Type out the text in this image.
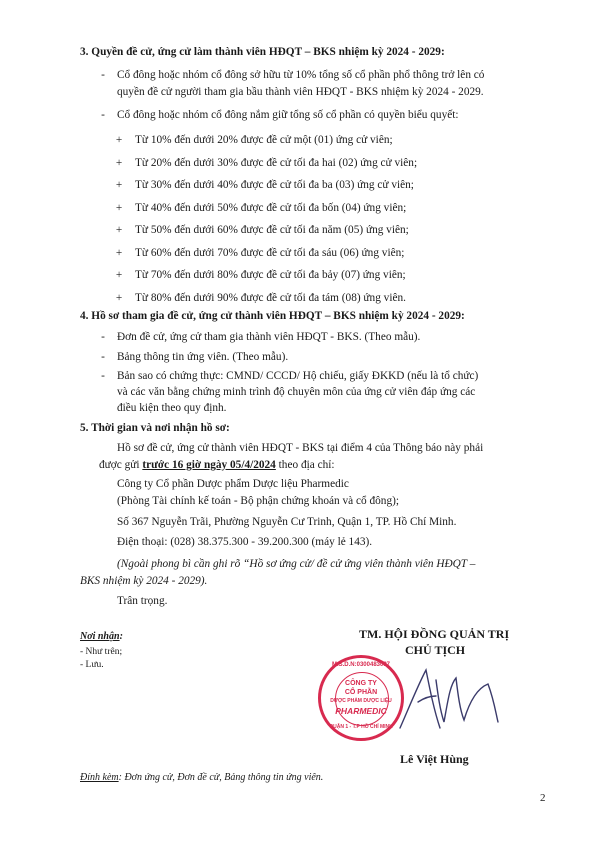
3. Quyền đề cử, ứng cử làm thành viên HĐQT – BKS nhiệm kỳ 2024 - 2029:
- Cổ đông hoặc nhóm cổ đông sở hữu từ 10% tổng số cổ phần phổ thông trở lên có
quyền đề cử người tham gia bầu thành viên HĐQT - BKS nhiệm kỳ 2024 - 2029.
- Cổ đông hoặc nhóm cổ đông nắm giữ tổng số cổ phần có quyền biểu quyết:
+ Từ 10% đến dưới 20% được đề cử một (01) ứng cử viên;
+ Từ 20% đến dưới 30% được đề cử tối đa hai (02) ứng cử viên;
+ Từ 30% đến dưới 40% được đề cử tối đa ba (03) ứng cử viên;
+ Từ 40% đến dưới 50% được đề cử tối đa bốn (04) ứng viên;
+ Từ 50% đến dưới 60% được đề cử tối đa năm (05) ứng viên;
+ Từ 60% đến dưới 70% được đề cử tối đa sáu (06) ứng viên;
+ Từ 70% đến dưới 80% được đề cử tối đa bảy (07) ứng viên;
+ Từ 80% đến dưới 90% được đề cử tối đa tám (08) ứng viên.
4. Hồ sơ tham gia đề cử, ứng cử thành viên HĐQT – BKS nhiệm kỳ 2024 - 2029:
- Đơn đề cử, ứng cử tham gia thành viên HĐQT - BKS. (Theo mẫu).
- Bảng thông tin ứng viên. (Theo mẫu).
- Bản sao có chứng thực: CMND/ CCCD/ Hộ chiếu, giấy ĐKKD (nếu là tổ chức)
và các văn bằng chứng minh trình độ chuyên môn của ứng cử viên đáp ứng các
điều kiện theo quy định.
5. Thời gian và nơi nhận hồ sơ:
Hồ sơ đề cử, ứng cử thành viên HĐQT - BKS tại điểm 4 của Thông báo này phải
được gửi trước 16 giờ ngày 05/4/2024 theo địa chỉ:
Công ty Cổ phần Dược phẩm Dược liệu Pharmedic
(Phòng Tài chính kế toán - Bộ phận chứng khoán và cổ đông);
Số 367 Nguyễn Trãi, Phường Nguyễn Cư Trinh, Quận 1, TP. Hồ Chí Minh.
Điện thoại: (028) 38.375.300 - 39.200.300 (máy lẻ 143).
(Ngoài phong bì cần ghi rõ “Hồ sơ ứng cử/ đề cử ứng viên thành viên HĐQT –
BKS nhiệm kỳ 2024 - 2029).
Trân trọng.
Nơi nhận:
- Như trên;
- Lưu.
TM. HỘI ĐỒNG QUẢN TRỊ
CHỦ TỊCH
M.S.D.N:0300483037
CÔNG TY
CỔ PHẦN
DƯỢC PHẨM DƯỢC LIỆU
PHARMEDIC
QUẬN 1 - T.P HỒ CHÍ MINH
Lê Việt Hùng
Đính kèm: Đơn ứng cử, Đơn đề cử, Bảng thông tin ứng viên.
2
